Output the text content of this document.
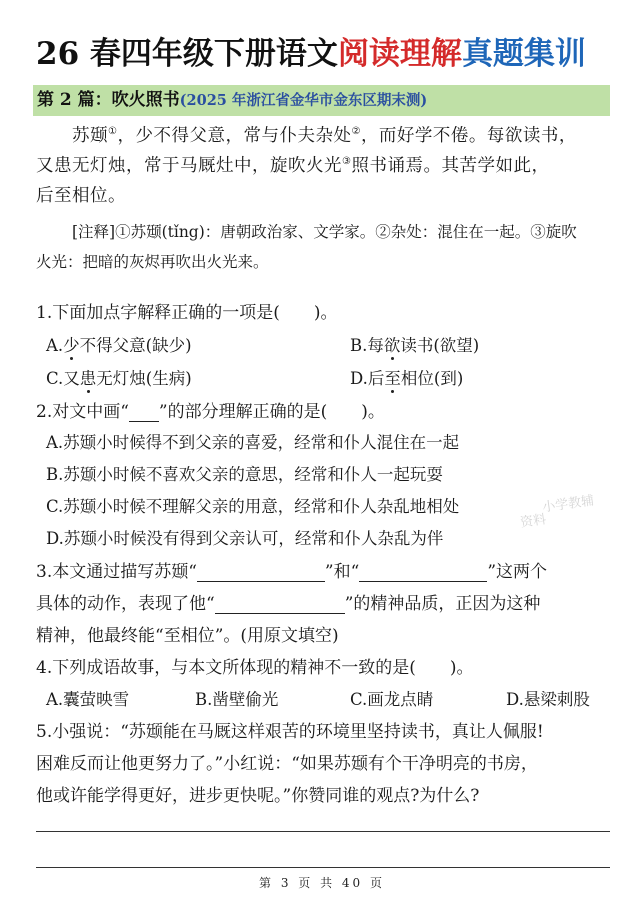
26 春四年级下册语文阅读理解真题集训
第 2 篇：吹火照书(2025 年浙江省金华市金东区期末测)
苏颋①，少不得父意，常与仆夫杂处②，而好学不倦。每欲读书，
又患无灯烛，常于马厩灶中，旋吹火光③照书诵焉。其苦学如此，
后至相位。
[注释]①苏颋(tǐng)：唐朝政治家、文学家。②杂处：混住在一起。③旋吹
火光：把暗的灰烬再吹出火光来。
1.下面加点字解释正确的一项是(　　)。
A.少不得父意(缺少)	B.每欲读书(欲望)
C.又患无灯烛(生病)	D.后至相位(到)
2.对文中画“ ”的部分理解正确的是(　　)。
A.苏颋小时候得不到父亲的喜爱，经常和仆人混住在一起
B.苏颋小时候不喜欢父亲的意思，经常和仆人一起玩耍
C.苏颋小时候不理解父亲的用意，经常和仆人杂乱地相处
D.苏颋小时候没有得到父亲认可，经常和仆人杂乱为伴
3.本文通过描写苏颋“	”和“	”这两个
具体的动作，表现了他“	”的精神品质，正因为这种
精神，他最终能“至相位”。(用原文填空)
4.下列成语故事，与本文所体现的精神不一致的是(　　)。
A.囊萤映雪	B.凿壁偷光	C.画龙点睛	D.悬梁刺股
5.小强说：“苏颋能在马厩这样艰苦的环境里坚持读书，真让人佩服!
困难反而让他更努力了。”小红说：“如果苏颋有个干净明亮的书房，
他或许能学得更好，进步更快呢。”你赞同谁的观点?为什么?
小学教辅
资料
第 3 页 共 40 页
